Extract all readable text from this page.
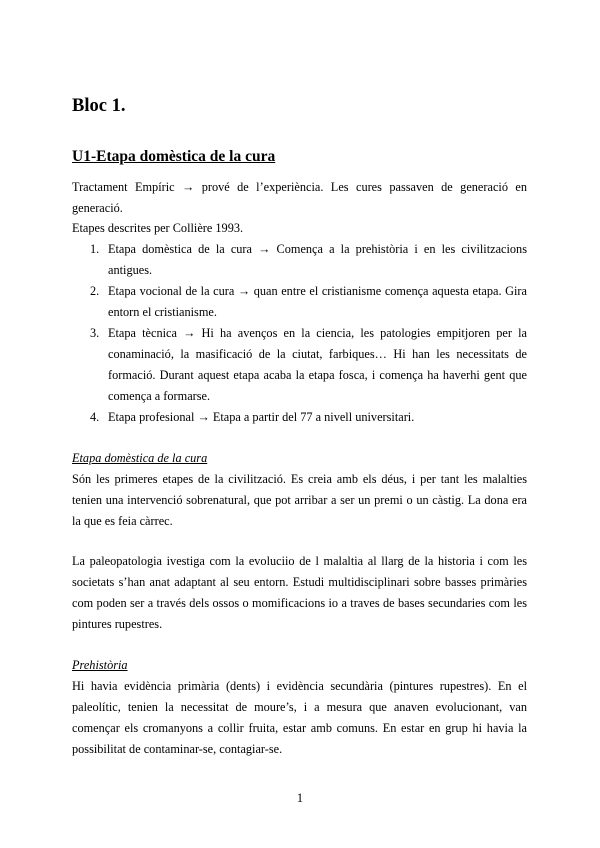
Bloc 1.
U1-Etapa domèstica de la cura

Tractament Empíric → prové de l’experiència. Les cures passaven de generació en generació.

Etapes descrites per Collière 1993.

1. Etapa domèstica de la cura → Comença a la prehistòria i en les civilitzacions antigues.
2. Etapa vocional de la cura → quan entre el cristianisme comença aquesta etapa. Gira entorn el cristianisme.
3. Etapa tècnica → Hi ha avenços en la ciencia, les patologies empitjoren per la conaminació, la masificació de la ciutat, farbiques… Hi han les necessitats de formació. Durant aquest etapa acaba la etapa fosca, i comença ha haverhi gent que comença a formarse.
4. Etapa profesional → Etapa a partir del 77 a nivell universitari.

Etapa domèstica de la cura

Són les primeres etapes de la civilització. Es creia amb els déus, i per tant les malalties tenien una intervenció sobrenatural, que pot arribar a ser un premi o un càstig. La dona era la que es feia càrrec.

La paleopatologia ivestiga com la evoluciio de l malaltia al llarg de la historia i com les societats s’han anat adaptant al seu entorn. Estudi multidisciplinari sobre basses primàries com poden ser a través dels ossos o momificacions io a traves de bases secundaries com les pintures rupestres.

Prehistòria

Hi havia evidència primària (dents) i evidència secundària (pintures rupestres). En el paleolític, tenien la necessitat de moure’s, i a mesura que anaven evolucionant, van començar els cromanyons a collir fruita, estar amb comuns. En estar en grup hi havia la possibilitat de contaminar-se, contagiar-se.

1
